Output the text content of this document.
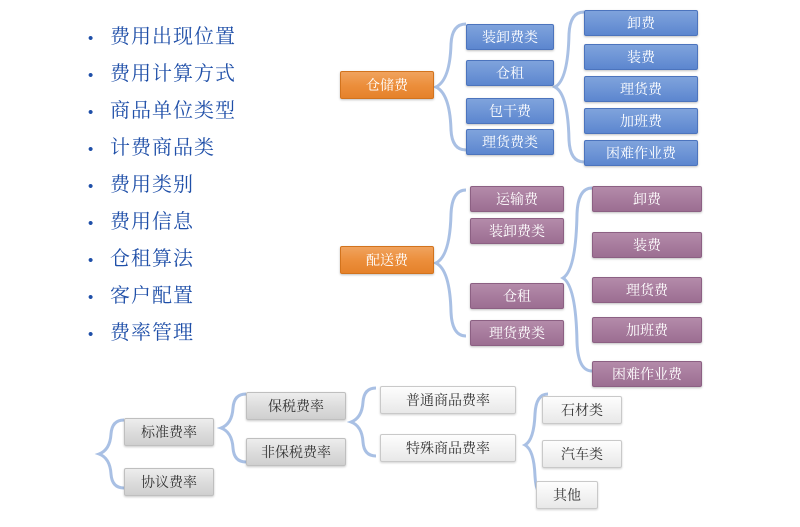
• 费用出现位置
• 费用计算方式
• 商品单位类型
• 计费商品类
• 费用类别
• 费用信息
• 仓租算法
• 客户配置
• 费率管理
仓储费
装卸费类
仓租
包干费
理货费类
卸费
装费
理货费
加班费
困难作业费
配送费
运输费
装卸费类
仓租
理货费类
卸费
装费
理货费
加班费
困难作业费
标准费率
协议费率
保税费率
非保税费率
普通商品费率
特殊商品费率
石材类
汽车类
其他
